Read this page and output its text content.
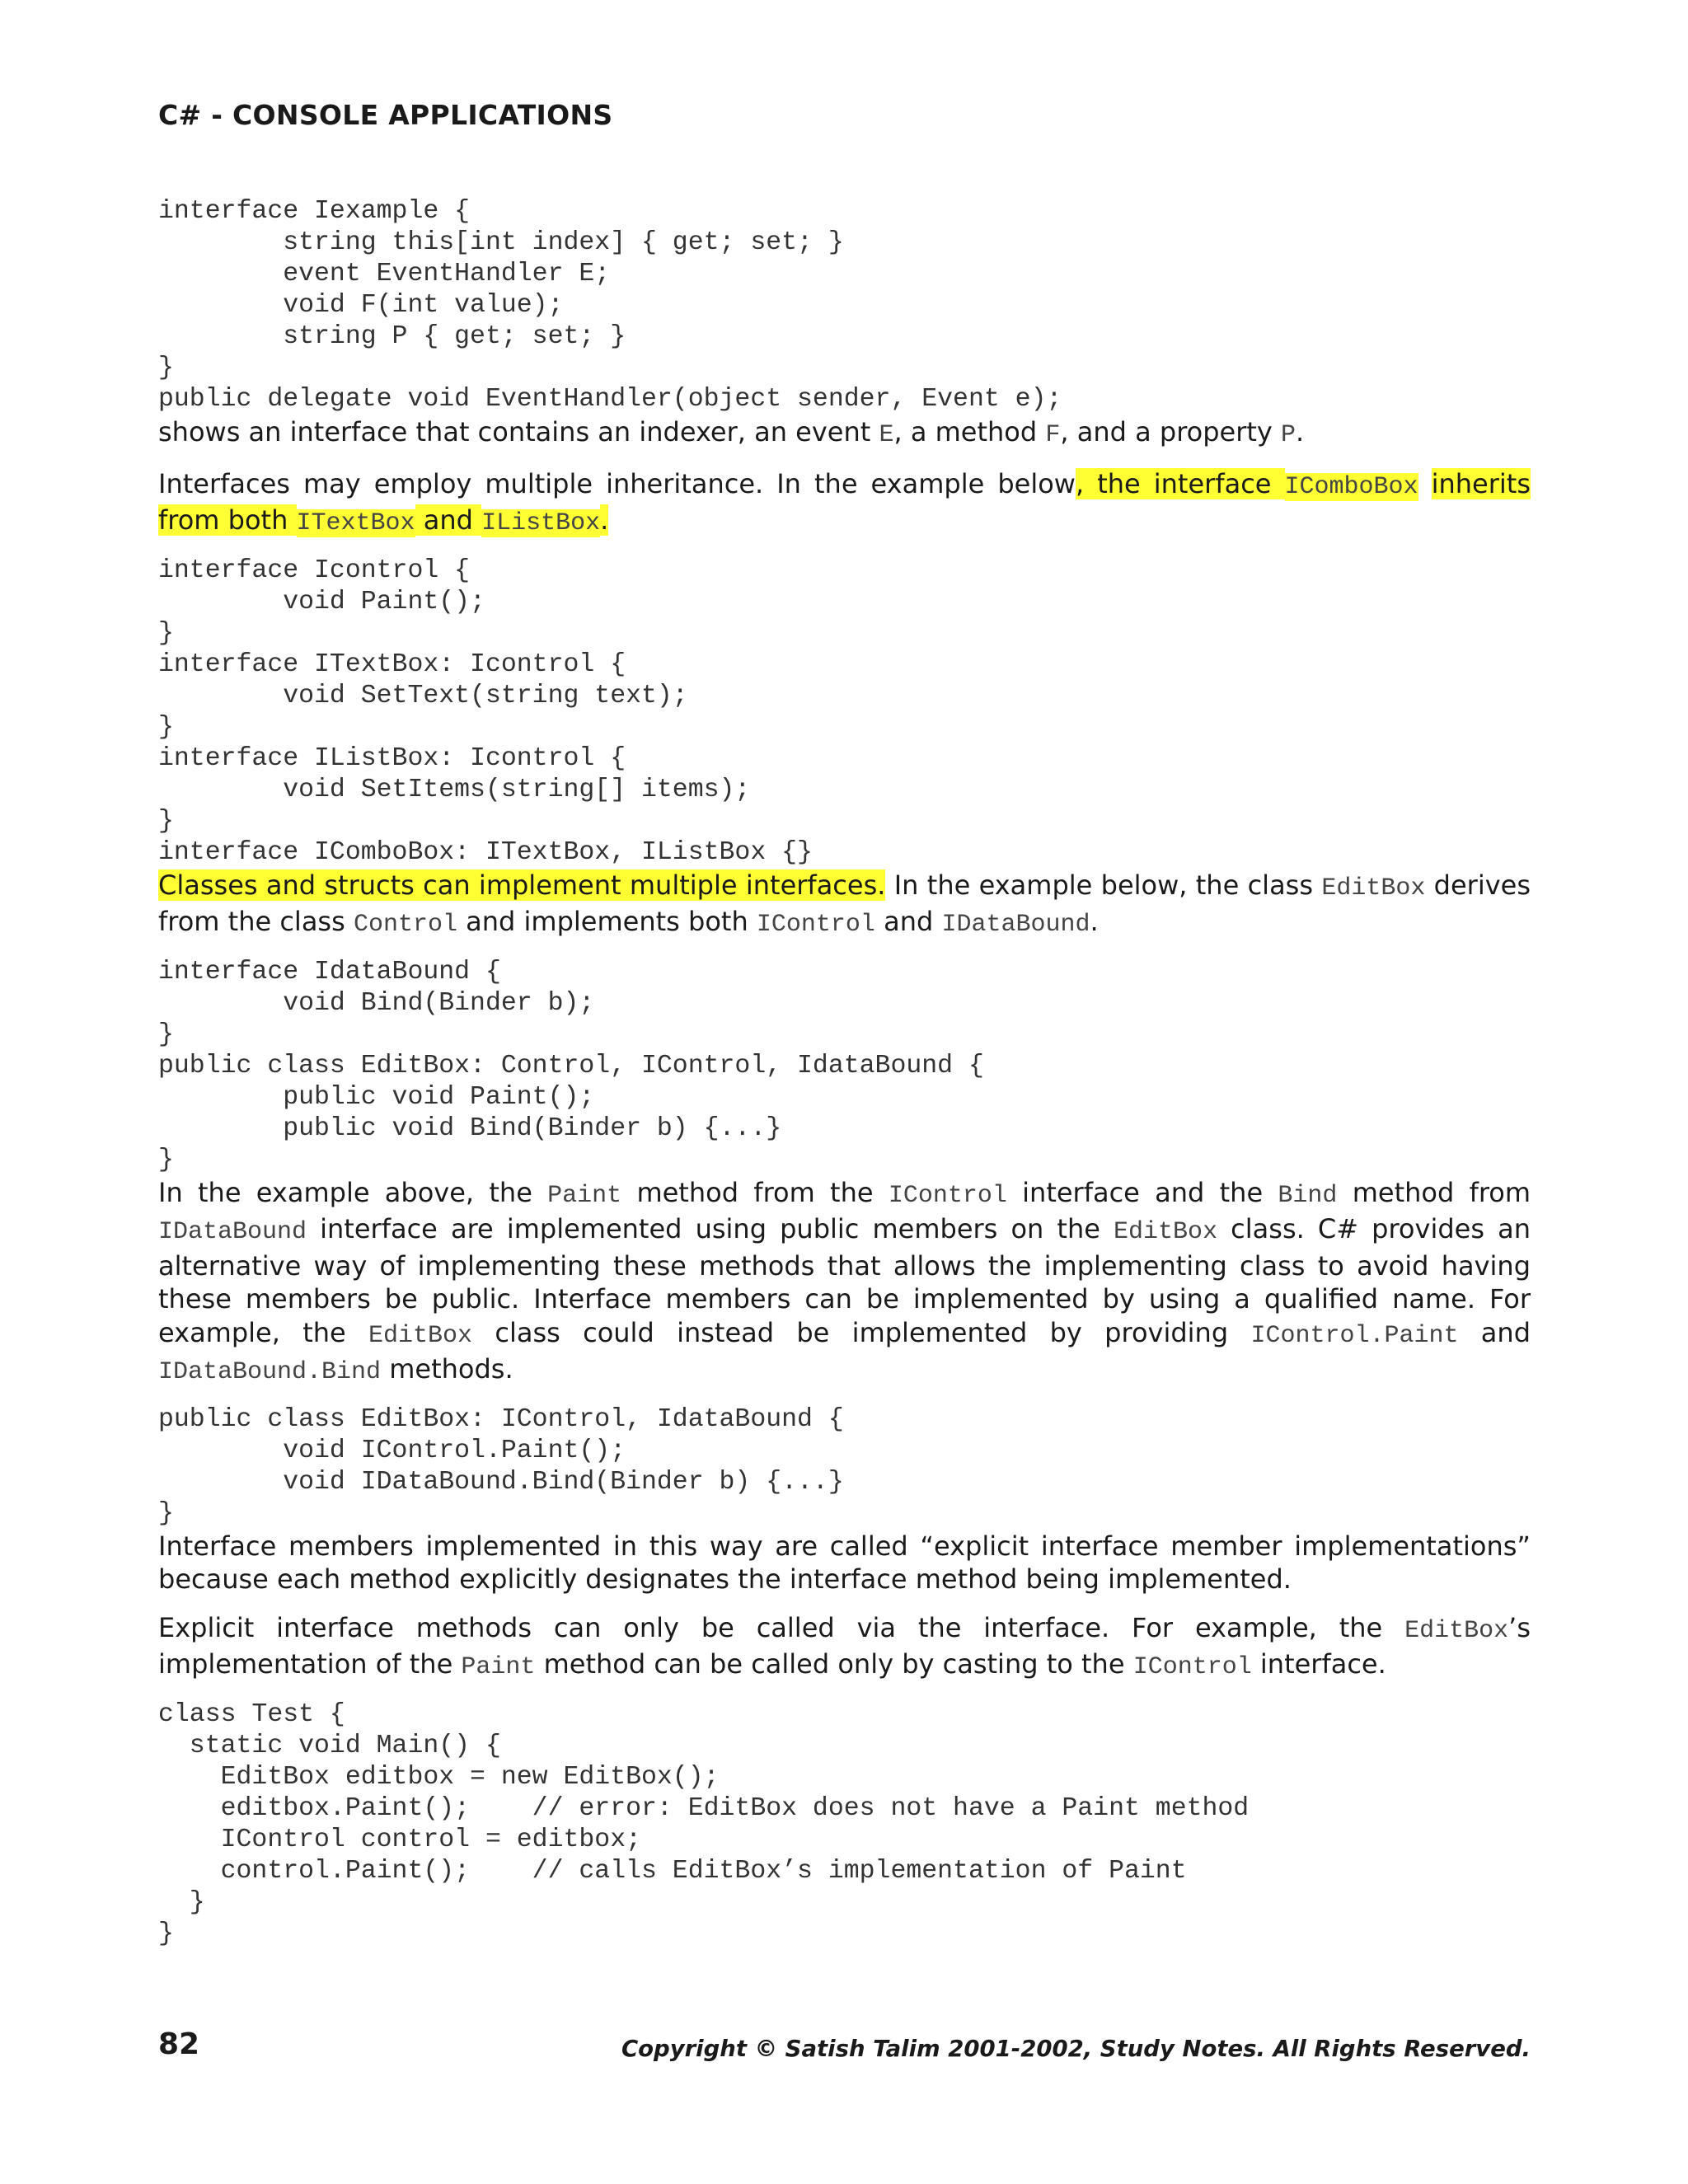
C# - CONSOLE APPLICATIONS
interface Iexample {
string this[int index] { get; set; }
event EventHandler E;
void F(int value);
string P { get; set; }
}
public delegate void EventHandler(object sender, Event e);

shows an interface that contains an indexer, an event E, a method F, and a property P.

Interfaces may employ multiple inheritance. In the example below, the interface IComboBox inherits from both ITextBox and IListBox.

interface Icontrol {
void Paint();
}
interface ITextBox: Icontrol {
void SetText(string text);
}
interface IListBox: Icontrol {
void SetItems(string[] items);
}
interface IComboBox: ITextBox, IListBox {}

Classes and structs can implement multiple interfaces. In the example below, the class EditBox derives from the class Control and implements both IControl and IDataBound.

interface IdataBound {
void Bind(Binder b);
}
public class EditBox: Control, IControl, IdataBound {
public void Paint();
public void Bind(Binder b) {...}
}

In the example above, the Paint method from the IControl interface and the Bind method from IDataBound interface are implemented using public members on the EditBox class. C# provides an alternative way of implementing these methods that allows the implementing class to avoid having these members be public. Interface members can be implemented by using a qualified name. For example, the EditBox class could instead be implemented by providing IControl.Paint and IDataBound.Bind methods.

public class EditBox: IControl, IdataBound {
void IControl.Paint();
void IDataBound.Bind(Binder b) {...}
}

Interface members implemented in this way are called “explicit interface member implementations” because each method explicitly designates the interface method being implemented.

Explicit interface methods can only be called via the interface. For example, the EditBox’s implementation of the Paint method can be called only by casting to the IControl interface.

class Test {
static void Main() {
EditBox editbox = new EditBox();
editbox.Paint();    // error: EditBox does not have a Paint method
IControl control = editbox;
control.Paint();    // calls EditBox’s implementation of Paint
}
}
82	Copyright © Satish Talim 2001-2002, Study Notes. All Rights Reserved.
